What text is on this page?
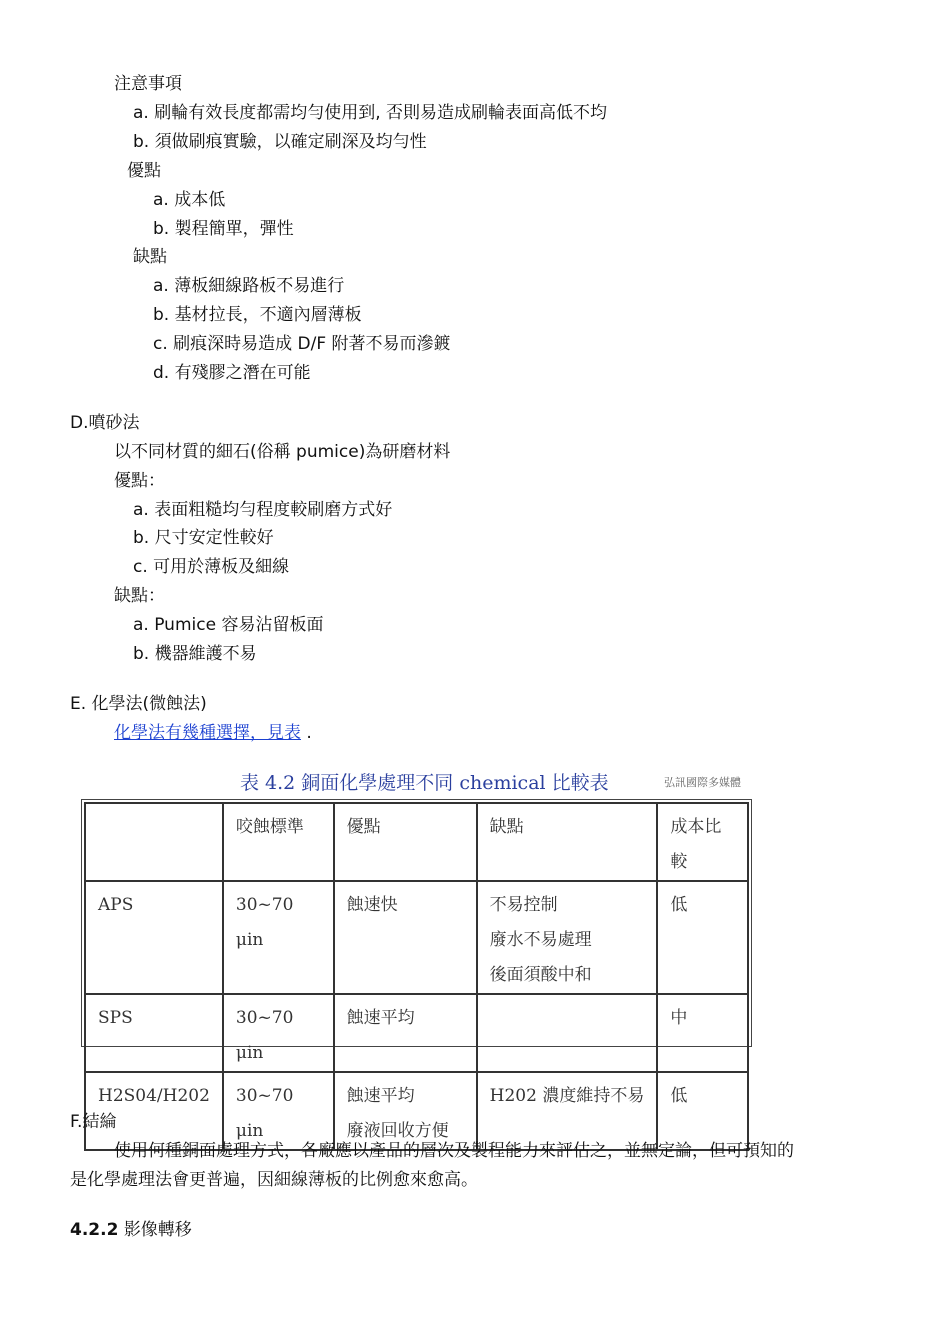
注意事項
a. 刷輪有效長度都需均勻使用到, 否則易造成刷輪表面高低不均
b. 須做刷痕實驗，以確定刷深及均勻性
優點
a. 成本低
b. 製程簡單，彈性
缺點
a. 薄板細線路板不易進行
b. 基材拉長，不適內層薄板
c. 刷痕深時易造成 D/F 附著不易而滲鍍
d. 有殘膠之潛在可能
D.噴砂法
以不同材質的細石(俗稱 pumice)為研磨材料
優點：
a. 表面粗糙均勻程度較刷磨方式好
b. 尺寸安定性較好
c. 可用於薄板及細線
缺點：
a. Pumice 容易沾留板面
b. 機器維護不易
E. 化學法(微蝕法)
化學法有幾種選擇，見表 .
表 4.2 銅面化學處理不同 chemical 比較表	弘訊國際多媒體
	咬蝕標準	優點	缺點	成本比較
APS	30~70 μin	蝕速快	不易控制
廢水不易處理
後面須酸中和	低
SPS	30~70 μin	蝕速平均		中
H2S04/H202	30~70 μin	蝕速平均
廢液回收方便	H202 濃度維持不易	低
F.結綸
使用何種銅面處理方式，各廠應以產品的層次及製程能力來評估之，並無定論，但可預知的
是化學處理法會更普遍，因細線薄板的比例愈來愈高。
4.2.2 影像轉移
